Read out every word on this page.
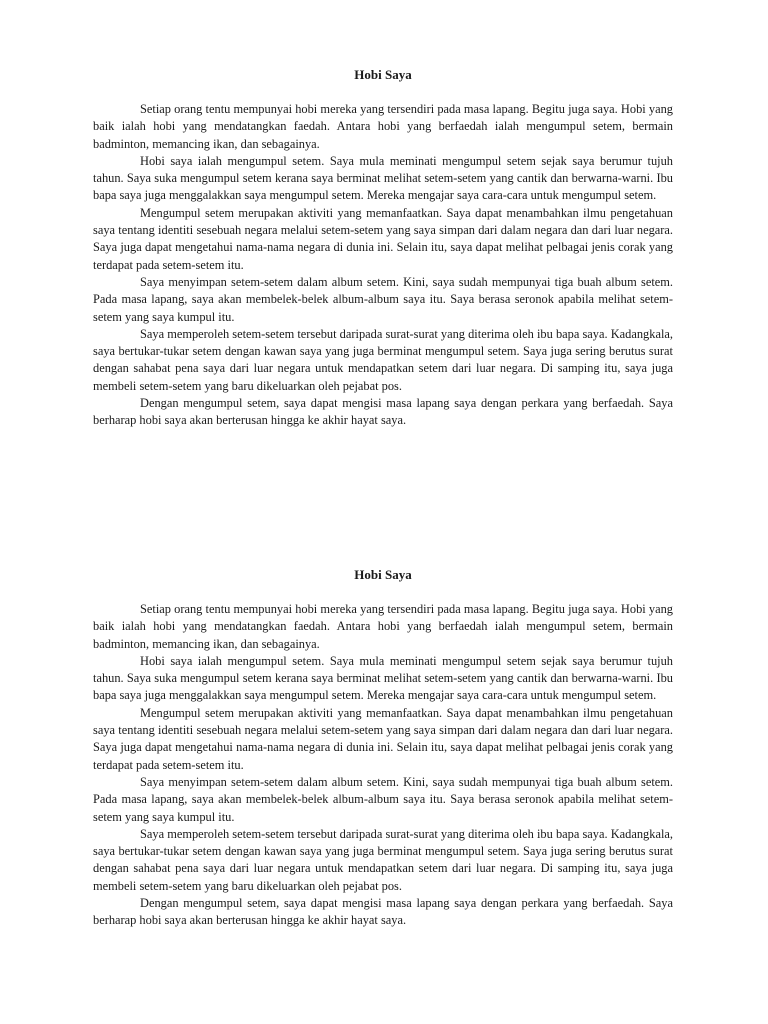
Hobi Saya

Setiap orang tentu mempunyai hobi mereka yang tersendiri pada masa lapang. Begitu juga saya. Hobi yang baik ialah hobi yang mendatangkan faedah. Antara hobi yang berfaedah ialah mengumpul setem, bermain badminton, memancing ikan, dan sebagainya.

Hobi saya ialah mengumpul setem. Saya mula meminati mengumpul setem sejak saya berumur tujuh tahun. Saya suka mengumpul setem kerana saya berminat melihat setem-setem yang cantik dan berwarna-warni. Ibu bapa saya juga menggalakkan saya mengumpul setem. Mereka mengajar saya cara-cara untuk mengumpul setem.

Mengumpul setem merupakan aktiviti yang memanfaatkan. Saya dapat menambahkan ilmu pengetahuan saya tentang identiti sesebuah negara melalui setem-setem yang saya simpan dari dalam negara dan dari luar negara. Saya juga dapat mengetahui nama-nama negara di dunia ini. Selain itu, saya dapat melihat pelbagai jenis corak yang terdapat pada setem-setem itu.

Saya menyimpan setem-setem dalam album setem. Kini, saya sudah mempunyai tiga buah album setem. Pada masa lapang, saya akan membelek-belek album-album saya itu. Saya berasa seronok apabila melihat setem-setem yang saya kumpul itu.

Saya memperoleh setem-setem tersebut daripada surat-surat yang diterima oleh ibu bapa saya. Kadangkala, saya bertukar-tukar setem dengan kawan saya yang juga berminat mengumpul setem. Saya juga sering berutus surat dengan sahabat pena saya dari luar negara untuk mendapatkan setem dari luar negara. Di samping itu, saya juga membeli setem-setem yang baru dikeluarkan oleh pejabat pos.

Dengan mengumpul setem, saya dapat mengisi masa lapang saya dengan perkara yang berfaedah. Saya berharap hobi saya akan berterusan hingga ke akhir hayat saya.

Hobi Saya

Setiap orang tentu mempunyai hobi mereka yang tersendiri pada masa lapang. Begitu juga saya. Hobi yang baik ialah hobi yang mendatangkan faedah. Antara hobi yang berfaedah ialah mengumpul setem, bermain badminton, memancing ikan, dan sebagainya.

Hobi saya ialah mengumpul setem. Saya mula meminati mengumpul setem sejak saya berumur tujuh tahun. Saya suka mengumpul setem kerana saya berminat melihat setem-setem yang cantik dan berwarna-warni. Ibu bapa saya juga menggalakkan saya mengumpul setem. Mereka mengajar saya cara-cara untuk mengumpul setem.

Mengumpul setem merupakan aktiviti yang memanfaatkan. Saya dapat menambahkan ilmu pengetahuan saya tentang identiti sesebuah negara melalui setem-setem yang saya simpan dari dalam negara dan dari luar negara. Saya juga dapat mengetahui nama-nama negara di dunia ini. Selain itu, saya dapat melihat pelbagai jenis corak yang terdapat pada setem-setem itu.

Saya menyimpan setem-setem dalam album setem. Kini, saya sudah mempunyai tiga buah album setem. Pada masa lapang, saya akan membelek-belek album-album saya itu. Saya berasa seronok apabila melihat setem-setem yang saya kumpul itu.

Saya memperoleh setem-setem tersebut daripada surat-surat yang diterima oleh ibu bapa saya. Kadangkala, saya bertukar-tukar setem dengan kawan saya yang juga berminat mengumpul setem. Saya juga sering berutus surat dengan sahabat pena saya dari luar negara untuk mendapatkan setem dari luar negara. Di samping itu, saya juga membeli setem-setem yang baru dikeluarkan oleh pejabat pos.

Dengan mengumpul setem, saya dapat mengisi masa lapang saya dengan perkara yang berfaedah. Saya berharap hobi saya akan berterusan hingga ke akhir hayat saya.
